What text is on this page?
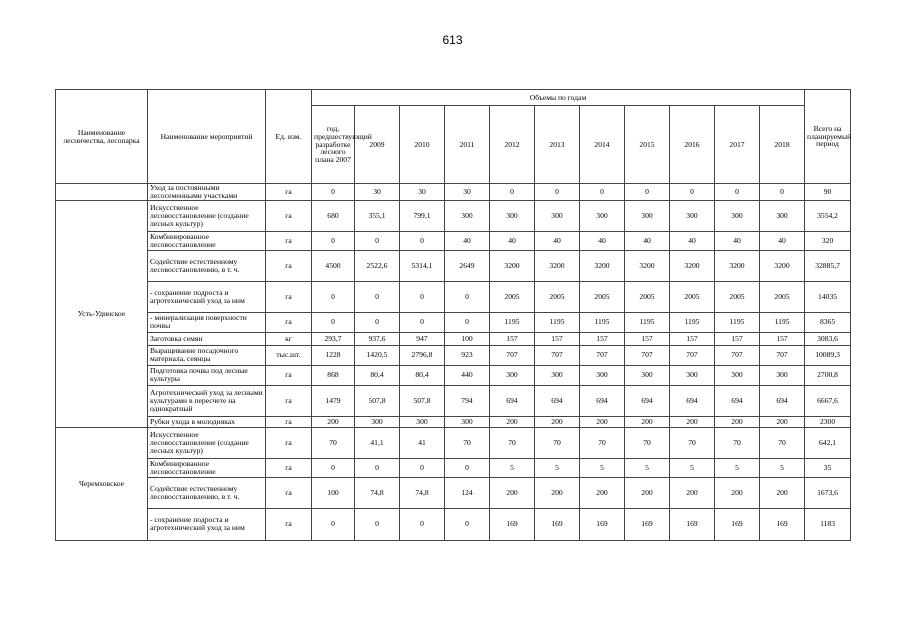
613
Наименование лесничества, лесопарка	Наименование мероприятий	Ед. изм.	Объемы по годам											Всего на планируемый период
			год, предшествующий разработке лесного плана 2007	2009	2010	2011	2012	2013	2014	2015	2016	2017	2018	
	Уход за постоянными лесосеменными участками	га	0	30	30	30	0	0	0	0	0	0	0	90
Усть-Удинское	Искусственное лесовосстановление (создание лесных культур)	га	680	355,1	799,1	300	300	300	300	300	300	300	300	3554,2
	Комбинированное лесовосстановление	га	0	0	0	40	40	40	40	40	40	40	40	320
	Содействие естественному лесовосстановлению, в т. ч.	га	4500	2522,6	5314,1	2649	3200	3200	3200	3200	3200	3200	3200	32885,7
	- сохранение подроста и агротехнический уход за ним	га	0	0	0	0	2005	2005	2005	2005	2005	2005	2005	14035
	- минерализация поверхности почвы	га	0	0	0	0	1195	1195	1195	1195	1195	1195	1195	8365
	Заготовка семян	кг	293,7	937,6	947	100	157	157	157	157	157	157	157	3083,6
	Выращивание посадочного материала, сеянцы	тыс.шт.	1228	1420,5	2796,8	923	707	707	707	707	707	707	707	10089,3
	Подготовка почвы под лесные культуры	га	868	80,4	80,4	440	300	300	300	300	300	300	300	2700,8
	Агротехнический уход за лесными культурами в пересчете на однократный	га	1479	507,8	507,8	794	694	694	694	694	694	694	694	6667,6
	Рубки ухода в молодняках	га	200	300	300	300	200	200	200	200	200	200	200	2300
Черемховское	Искусственное лесовосстановление (создание лесных культур)	га	70	41,1	41	70	70	70	70	70	70	70	70	642,1
	Комбинированное лесовосстановление	га	0	0	0	0	5	5	5	5	5	5	5	35
	Содействие естественному лесовосстановлению, в т. ч.	га	100	74,8	74,8	124	200	200	200	200	200	200	200	1673,6
	- сохранение подроста и агротехнический уход за ним	га	0	0	0	0	169	169	169	169	169	169	169	1183
